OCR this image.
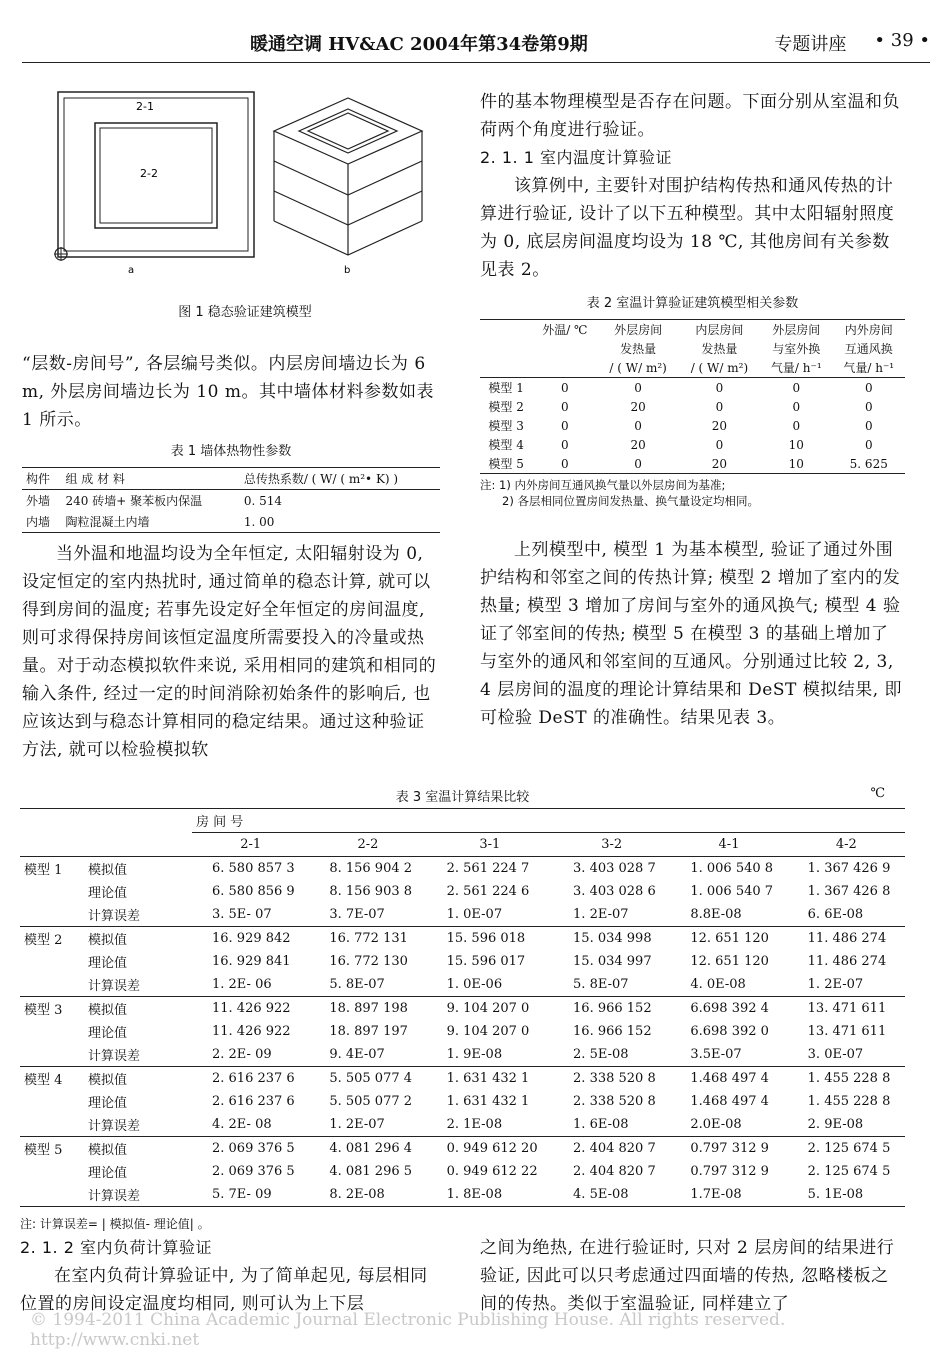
暖通空调 HV&AC 2004年第34卷第9期	专题讲座 • 39 •
2-1
2-2
a	b
图 1 稳态验证建筑模型

“层数-房间号”, 各层编号类似。内层房间墙边长为 6 m, 外层房间墙边长为 10 m。其中墙体材料参数如表 1 所示。

表 1 墙体热物性参数
构件	组 成 材 料	总传热系数/ ( W/ ( m²• K) )
外墙	240 砖墙+ 聚苯板内保温	0. 514
内墙	陶粒混凝土内墙	1. 00

当外温和地温均设为全年恒定, 太阳辐射设为 0, 设定恒定的室内热扰时, 通过简单的稳态计算, 就可以得到房间的温度; 若事先设定好全年恒定的房间温度, 则可求得保持房间该恒定温度所需要投入的冷量或热量。对于动态模拟软件来说, 采用相同的建筑和相同的输入条件, 经过一定的时间消除初始条件的影响后, 也应该达到与稳态计算相同的稳定结果。通过这种验证方法, 就可以检验模拟软

件的基本物理模型是否存在问题。下面分别从室温和负荷两个角度进行验证。

2. 1. 1 室内温度计算验证

该算例中, 主要针对围护结构传热和通风传热的计算进行验证, 设计了以下五种模型。其中太阳辐射照度为 0, 底层房间温度均设为 18 ℃, 其他房间有关参数见表 2。

表 2 室温计算验证建筑模型相关参数
	外温/ ℃	外层房间	内层房间	外层房间	内外房间
		发热量	发热量	与室外换	互通风换
		/ ( W/ m²)	/ ( W/ m²)	气量/ h⁻¹	气量/ h⁻¹
模型 1	0	0	0	0	0
模型 2	0	20	0	0	0
模型 3	0	0	20	0	0
模型 4	0	20	0	10	0
模型 5	0	0	20	10	5. 625
注: 1) 内外房间互通风换气量以外层房间为基准;
2) 各层相同位置房间发热量、换气量设定均相同。

上列模型中, 模型 1 为基本模型, 验证了通过外围护结构和邻室之间的传热计算; 模型 2 增加了室内的发热量; 模型 3 增加了房间与室外的通风换气; 模型 4 验证了邻室间的传热; 模型 5 在模型 3 的基础上增加了与室外的通风和邻室间的互通风。分别通过比较 2, 3, 4 层房间的温度的理论计算结果和 DeST 模拟结果, 即可检验 DeST 的准确性。结果见表 3。

表 3 室温计算结果比较	℃
		房 间 号					
		2-1	2-2	3-1	3-2	4-1	4-2
模型 1	模拟值	6. 580 857 3	8. 156 904 2	2. 561 224 7	3. 403 028 7	1. 006 540 8	1. 367 426 9
	理论值	6. 580 856 9	8. 156 903 8	2. 561 224 6	3. 403 028 6	1. 006 540 7	1. 367 426 8
	计算误差	3. 5E- 07	3. 7E-07	1. 0E-07	1. 2E-07	8.8E-08	6. 6E-08
模型 2	模拟值	16. 929 842	16. 772 131	15. 596 018	15. 034 998	12. 651 120	11. 486 274
	理论值	16. 929 841	16. 772 130	15. 596 017	15. 034 997	12. 651 120	11. 486 274
	计算误差	1. 2E- 06	5. 8E-07	1. 0E-06	5. 8E-07	4. 0E-08	1. 2E-07
模型 3	模拟值	11. 426 922	18. 897 198	9. 104 207 0	16. 966 152	6.698 392 4	13. 471 611
	理论值	11. 426 922	18. 897 197	9. 104 207 0	16. 966 152	6.698 392 0	13. 471 611
	计算误差	2. 2E- 09	9. 4E-07	1. 9E-08	2. 5E-08	3.5E-07	3. 0E-07
模型 4	模拟值	2. 616 237 6	5. 505 077 4	1. 631 432 1	2. 338 520 8	1.468 497 4	1. 455 228 8
	理论值	2. 616 237 6	5. 505 077 2	1. 631 432 1	2. 338 520 8	1.468 497 4	1. 455 228 8
	计算误差	4. 2E- 08	1. 2E-07	2. 1E-08	1. 6E-08	2.0E-08	2. 9E-08
模型 5	模拟值	2. 069 376 5	4. 081 296 4	0. 949 612 20	2. 404 820 7	0.797 312 9	2. 125 674 5
	理论值	2. 069 376 5	4. 081 296 5	0. 949 612 22	2. 404 820 7	0.797 312 9	2. 125 674 5
	计算误差	5. 7E- 09	8. 2E-08	1. 8E-08	4. 5E-08	1.7E-08	5. 1E-08
注: 计算误差= | 模拟值- 理论值| 。

2. 1. 2 室内负荷计算验证

在室内负荷计算验证中, 为了简单起见, 每层相同位置的房间设定温度均相同, 则可认为上下层

之间为绝热, 在进行验证时, 只对 2 层房间的结果进行验证, 因此可以只考虑通过四面墙的传热, 忽略楼板之间的传热。类似于室温验证, 同样建立了

© 1994-2011 China Academic Journal Electronic Publishing House. All rights reserved. http://www.cnki.net
